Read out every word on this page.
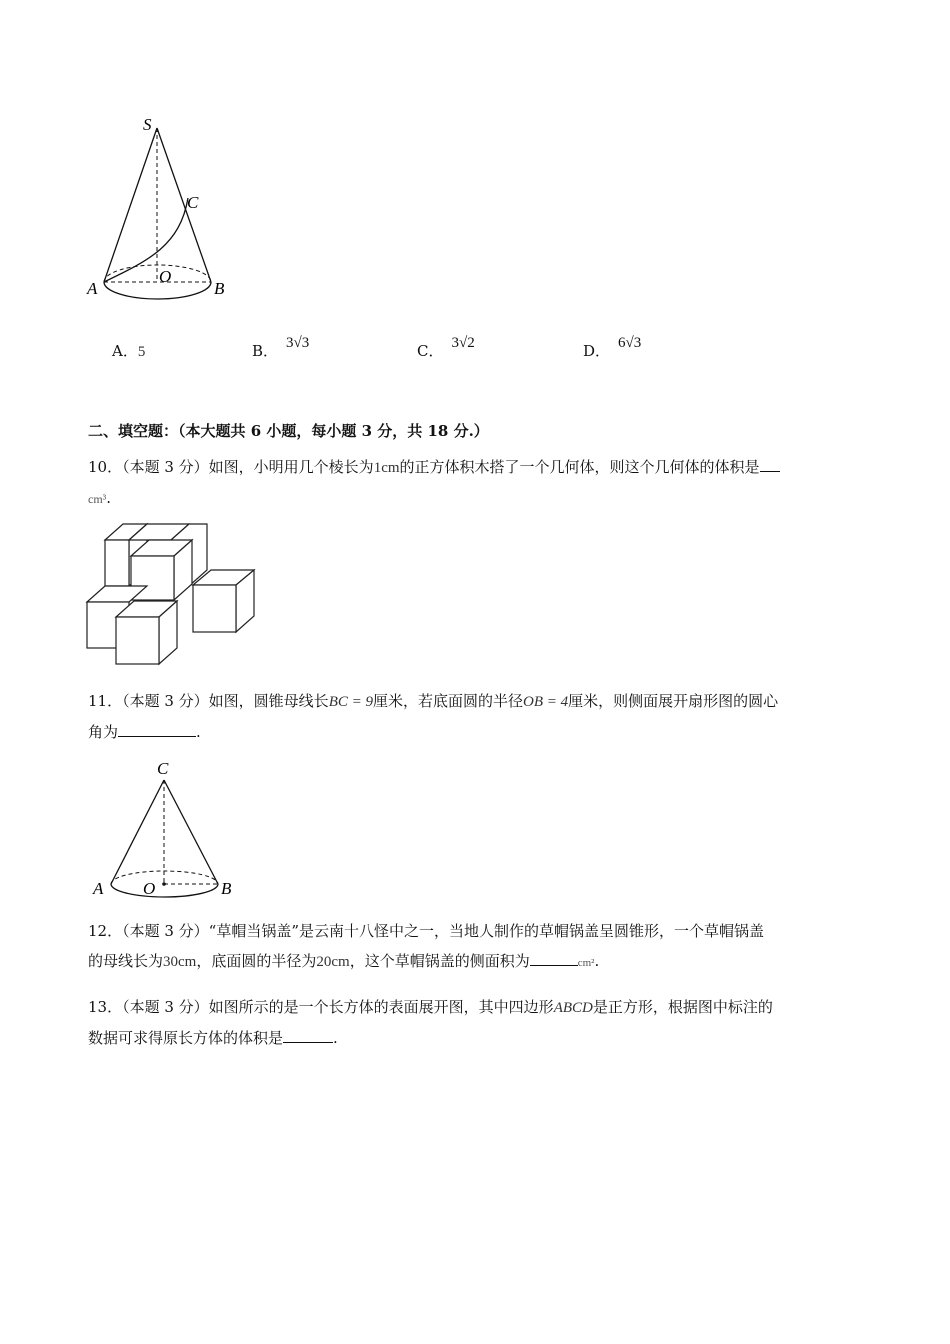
S
C
O
A	B
A．5	B． 3√3	C． 3√2	D． 6√3
二、填空题：（本大题共 6 小题，每小题 3 分，共 18 分.）
10．（本题 3 分）如图，小明用几个棱长为1cm的正方体积木搭了一个几何体，则这个几何体的体积是
cm³.
11．（本题 3 分）如图，圆锥母线长BC = 9厘米，若底面圆的半径OB = 4厘米，则侧面展开扇形图的圆心
角为	.
C
A O	B
12．（本题 3 分）“草帽当锅盖”是云南十八怪中之一，当地人制作的草帽锅盖呈圆锥形，一个草帽锅盖
的母线长为30cm，底面圆的半径为20cm，这个草帽锅盖的侧面积为	cm².
13．（本题 3 分）如图所示的是一个长方体的表面展开图，其中四边形ABCD是正方形，根据图中标注的
数据可求得原长方体的体积是	.
